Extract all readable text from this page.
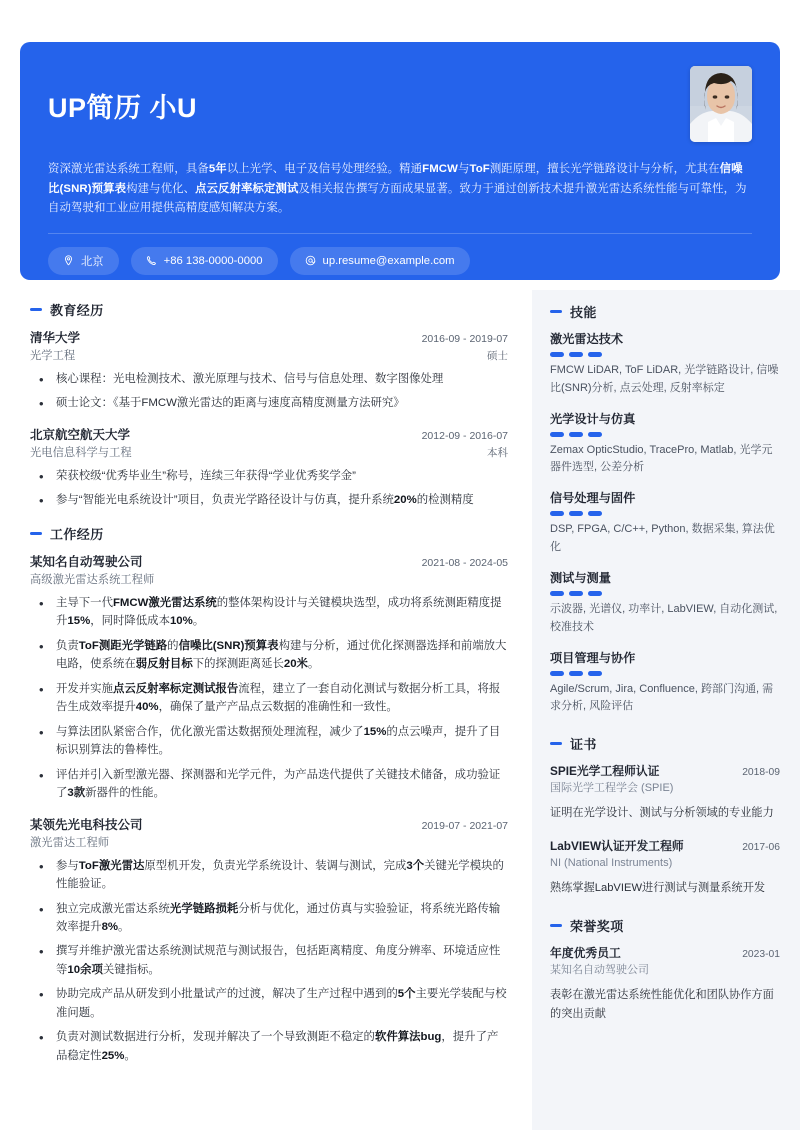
UP简历 小U
资深激光雷达系统工程师，具备5年以上光学、电子及信号处理经验。精通FMCW与ToF测距原理，擅长光学链路设计与分析，尤其在信噪比(SNR)预算表构建与优化、点云反射率标定测试及相关报告撰写方面成果显著。致力于通过创新技术提升激光雷达系统性能与可靠性，为自动驾驶和工业应用提供高精度感知解决方案。
北京	+86 138-0000-0000	up.resume@example.com
教育经历
清华大学	2016-09 - 2019-07
光学工程	硕士
• 核心课程：光电检测技术、激光原理与技术、信号与信息处理、数字图像处理
• 硕士论文：《基于FMCW激光雷达的距离与速度高精度测量方法研究》
北京航空航天大学	2012-09 - 2016-07
光电信息科学与工程	本科
• 荣获校级“优秀毕业生”称号，连续三年获得“学业优秀奖学金”
• 参与“智能光电系统设计”项目，负责光学路径设计与仿真，提升系统20%的检测精度
工作经历
某知名自动驾驶公司	2021-08 - 2024-05
高级激光雷达系统工程师
• 主导下一代FMCW激光雷达系统的整体架构设计与关键模块选型，成功将系统测距精度提升15%，同时降低成本10%。
• 负责ToF测距光学链路的信噪比(SNR)预算表构建与分析，通过优化探测器选择和前端放大电路，使系统在弱反射目标下的探测距离延长20米。
• 开发并实施点云反射率标定测试报告流程，建立了一套自动化测试与数据分析工具，将报告生成效率提升40%，确保了量产产品点云数据的准确性和一致性。
• 与算法团队紧密合作，优化激光雷达数据预处理流程，减少了15%的点云噪声，提升了目标识别算法的鲁棒性。
• 评估并引入新型激光器、探测器和光学元件，为产品迭代提供了关键技术储备，成功验证了3款新器件的性能。
某领先光电科技公司	2019-07 - 2021-07
激光雷达工程师
• 参与ToF激光雷达原型机开发，负责光学系统设计、装调与测试，完成3个关键光学模块的性能验证。
• 独立完成激光雷达系统光学链路损耗分析与优化，通过仿真与实验验证，将系统光路传输效率提升8%。
• 撰写并维护激光雷达系统测试规范与测试报告，包括距离精度、角度分辨率、环境适应性等10余项关键指标。
• 协助完成产品从研发到小批量试产的过渡，解决了生产过程中遇到的5个主要光学装配与校准问题。
• 负责对测试数据进行分析，发现并解决了一个导致测距不稳定的软件算法bug，提升了产品稳定性25%。
技能
激光雷达技术
FMCW LiDAR, ToF LiDAR, 光学链路设计, 信噪比(SNR)分析, 点云处理, 反射率标定
光学设计与仿真
Zemax OpticStudio, TracePro, Matlab, 光学元器件选型, 公差分析
信号处理与固件
DSP, FPGA, C/C++, Python, 数据采集, 算法优化
测试与测量
示波器, 光谱仪, 功率计, LabVIEW, 自动化测试, 校准技术
项目管理与协作
Agile/Scrum, Jira, Confluence, 跨部门沟通, 需求分析, 风险评估
证书
SPIE光学工程师认证	2018-09
国际光学工程学会 (SPIE)
证明在光学设计、测试与分析领域的专业能力
LabVIEW认证开发工程师	2017-06
NI (National Instruments)
熟练掌握LabVIEW进行测试与测量系统开发
荣誉奖项
年度优秀员工	2023-01
某知名自动驾驶公司
表彰在激光雷达系统性能优化和团队协作方面的突出贡献
